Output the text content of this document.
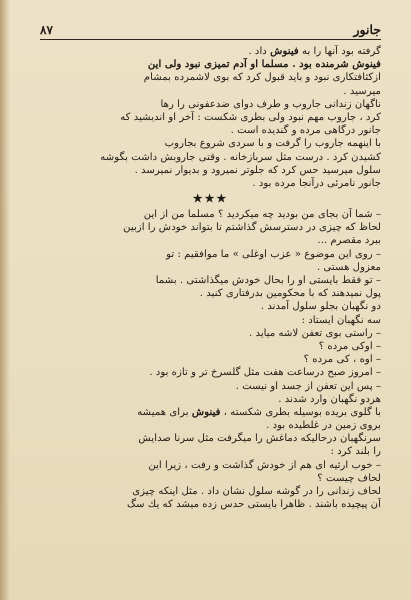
جانور
۸۷
گرفته بود آنها را به فینوش داد .
فینوش شرمنده بود . مسلما او آدم تمیزی نبود ولی این
ازکثافتکاری نبود و باید قبول کرد که بوی لاشمرده بمشام
میرسید .
ناگهان زندانی جاروب و طرف دوای ضدعفونی را رها
کرد ، جاروب مهم نبود ولی بطری شکست : آخر او اندیشید که
جانور درگاهی مرده و گندیده است .
با اینهمه جاروب را گرفت و با سردی شروع بجاروب
کشیدن کرد . درست مثل سربازخانه . وقتی جاروبش داشت بگوشه
سلول میرسید حس کرد که جلوتر نمیرود و بدیوار نمیرسد .
جانور نامرئی درآنجا مرده بود .
★★★
– شما آن بجای من بودید چه میکردید ؟ مسلما من از این
لحاظ که چیزی در دسترسش گذاشتم تا بتواند خودش را ازبین
ببرد مقصرم ...
– روی این موضوع « عزب اوغلی » ما موافقیم : تو
معزول هستی .
– تو فقط بایستی او را بحال خودش میگذاشتی . بشما
پول نمیدهند که با محکومین بدرفتاری کنید .
دو نگهبان بجلو سلول آمدند .
سه نگهبان ایستاد :
– راستی بوی تعفن لاشه میاید .
– اوکی مرده ؟
– اوه ، کی مرده ؟
– امروز صبح درساعت هفت مثل گلسرخ تر و تازه بود .
– پس این تعفن از جسد او نیست .
هردو نگهبان وارد شدند .
با گلوی بریده بوسیله بطری شکسته ، فینوش برای همیشه
بروی زمین در غلطیده بود .
سرنگهبان درحالیکه دماغش را میگرفت مثل سرنا صدایش
را بلند کرد :
– خوب ارثیه ای هم از خودش گذاشت و رفت ، زیرا این
لحاف چیست ؟
لحاف زندانی را در گوشه سلول نشان داد . مثل اینکه چیزی
آن پیچیده باشند . ظاهرا بایستی حدس زده میشد که یك سگ
